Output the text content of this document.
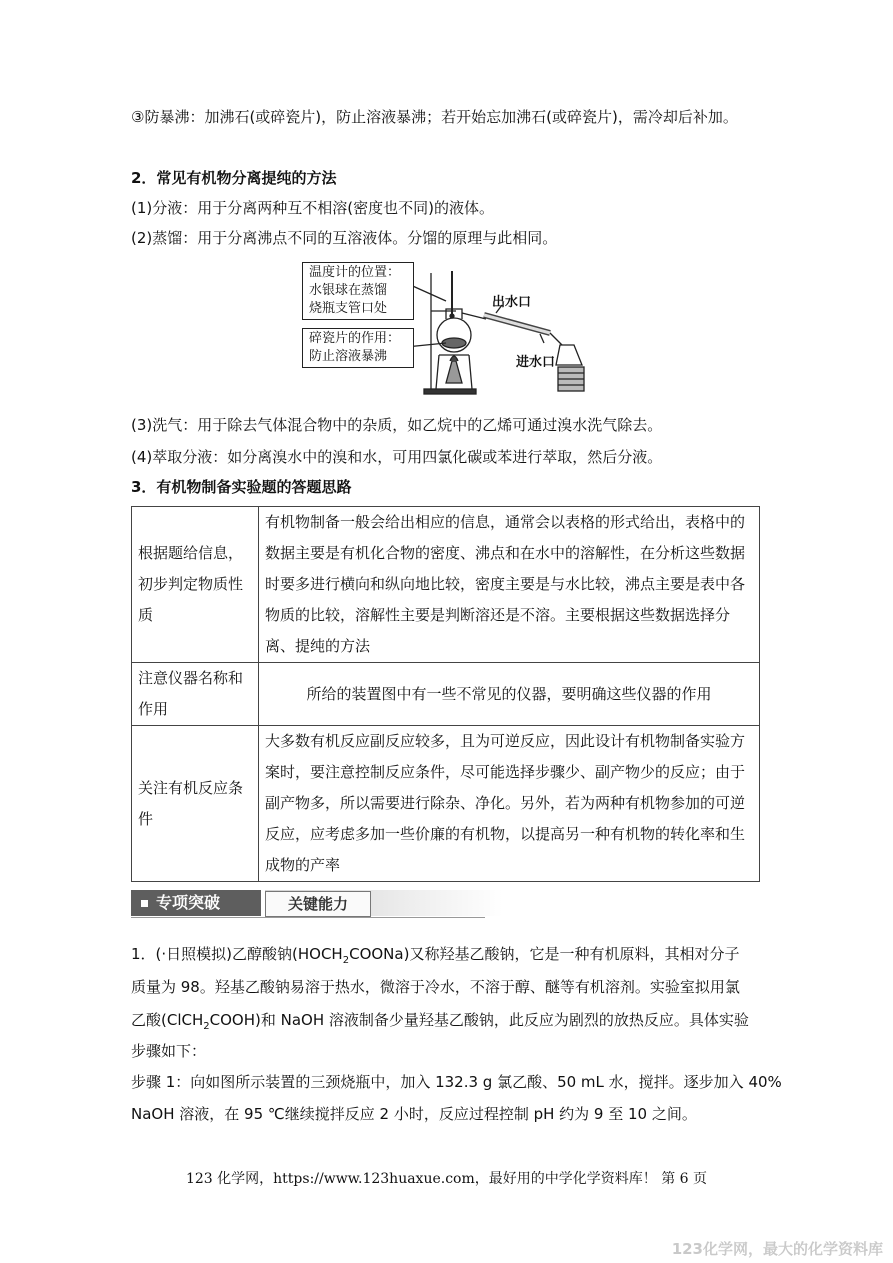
③防暴沸：加沸石(或碎瓷片)，防止溶液暴沸；若开始忘加沸石(或碎瓷片)，需冷却后补加。
2．常见有机物分离提纯的方法
(1)分液：用于分离两种互不相溶(密度也不同)的液体。
(2)蒸馏：用于分离沸点不同的互溶液体。分馏的原理与此相同。
温度计的位置：
水银球在蒸馏
烧瓶支管口处
碎瓷片的作用：
防止溶液暴沸
出水口
进水口
(3)洗气：用于除去气体混合物中的杂质，如乙烷中的乙烯可通过溴水洗气除去。
(4)萃取分液：如分离溴水中的溴和水，可用四氯化碳或苯进行萃取，然后分液。
3．有机物制备实验题的答题思路
根据题给信息，初步判定物质性质	有机物制备一般会给出相应的信息，通常会以表格的形式给出，表格中的数据主要是有机化合物的密度、沸点和在水中的溶解性，在分析这些数据时要多进行横向和纵向地比较，密度主要是与水比较，沸点主要是表中各物质的比较，溶解性主要是判断溶还是不溶。主要根据这些数据选择分离、提纯的方法
注意仪器名称和作用	所给的装置图中有一些不常见的仪器，要明确这些仪器的作用
关注有机反应条件	大多数有机反应副反应较多，且为可逆反应，因此设计有机物制备实验方案时，要注意控制反应条件，尽可能选择步骤少、副产物少的反应；由于副产物多，所以需要进行除杂、净化。另外，若为两种有机物参加的可逆反应，应考虑多加一些价廉的有机物，以提高另一种有机物的转化率和生成物的产率
专项突破	关键能力
1．(·日照模拟)乙醇酸钠$(HOCH_2COONa)$又称羟基乙酸钠，它是一种有机原料，其相对分子
质量为 98。羟基乙酸钠易溶于热水，微溶于冷水，不溶于醇、醚等有机溶剂。实验室拟用氯
乙酸(ClCH$_2$COOH)和 NaOH 溶液制备少量羟基乙酸钠，此反应为剧烈的放热反应。具体实验
步骤如下：
步骤 1：向如图所示装置的三颈烧瓶中，加入 132.3 g 氯乙酸、50 mL 水，搅拌。逐步加入 40%
NaOH 溶液，在 95 ℃继续搅拌反应 2 小时，反应过程控制 pH 约为 9 至 10 之间。
123 化学网，https://www.123huaxue.com，最好用的中学化学资料库！ 第 6 页
123化学网，最大的化学资料库
